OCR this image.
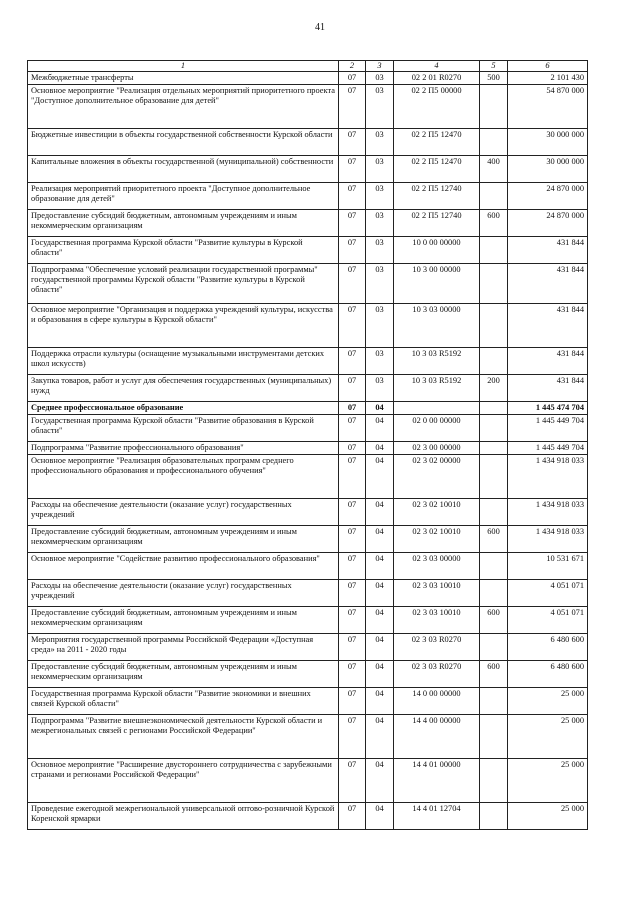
41
1	2	3	4	5	6
Межбюджетные трансферты	07	03	02 2 01 R0270	500	2 101 430
Основное мероприятие "Реализация отдельных мероприятий приоритетного проекта "Доступное дополнительное образование для детей"	07	03	02 2 П5 00000		54 870 000
Бюджетные инвестиции в объекты государственной собственности Курской области	07	03	02 2 П5 12470		30 000 000
Капитальные вложения в объекты государственной (муниципальной) собственности	07	03	02 2 П5 12470	400	30 000 000
Реализация мероприятий приоритетного проекта "Доступное дополнительное образование для детей"	07	03	02 2 П5 12740		24 870 000
Предоставление субсидий бюджетным, автономным учреждениям и иным некоммерческим организациям	07	03	02 2 П5 12740	600	24 870 000
Государственная программа Курской области "Развитие культуры в Курской области"	07	03	10 0 00 00000		431 844
Подпрограмма "Обеспечение условий реализации государственной программы" государственной программы Курской области "Развитие культуры в Курской области"	07	03	10 3 00 00000		431 844
Основное мероприятие "Организация и поддержка учреждений культуры, искусства и образования в сфере культуры в Курской области"	07	03	10 3 03 00000		431 844
Поддержка отрасли культуры (оснащение музыкальными инструментами детских школ искусств)	07	03	10 3 03 R5192		431 844
Закупка товаров, работ и услуг для обеспечения государственных (муниципальных) нужд	07	03	10 3 03 R5192	200	431 844
Среднее профессиональное образование	07	04			1 445 474 704
Государственная программа Курской области "Развитие образования в Курской области"	07	04	02 0 00 00000		1 445 449 704
Подпрограмма "Развитие профессионального образования"	07	04	02 3 00 00000		1 445 449 704
Основное мероприятие "Реализация образовательных программ среднего профессионального образования и профессионального обучения"	07	04	02 3 02 00000		1 434 918 033
Расходы на обеспечение деятельности (оказание услуг) государственных учреждений	07	04	02 3 02 10010		1 434 918 033
Предоставление субсидий бюджетным, автономным учреждениям и иным некоммерческим организациям	07	04	02 3 02 10010	600	1 434 918 033
Основное мероприятие "Содействие развитию профессионального образования"	07	04	02 3 03 00000		10 531 671
Расходы на обеспечение деятельности (оказание услуг) государственных учреждений	07	04	02 3 03 10010		4 051 071
Предоставление субсидий бюджетным, автономным учреждениям и иным некоммерческим организациям	07	04	02 3 03 10010	600	4 051 071
Мероприятия государственной программы Российской Федерации «Доступная среда» на 2011 - 2020 годы	07	04	02 3 03 R0270		6 480 600
Предоставление субсидий бюджетным, автономным учреждениям и иным некоммерческим организациям	07	04	02 3 03 R0270	600	6 480 600
Государственная программа Курской области "Развитие экономики и внешних связей Курской области"	07	04	14 0 00 00000		25 000
Подпрограмма "Развитие внешнеэкономической деятельности Курской области и межрегиональных связей с регионами Российской Федерации"	07	04	14 4 00 00000		25 000
Основное мероприятие "Расширение двустороннего сотрудничества с зарубежными странами и регионами Российской Федерации"	07	04	14 4 01 00000		25 000
Проведение ежегодной межрегиональной универсальной оптово-розничной Курской Коренской ярмарки	07	04	14 4 01 12704		25 000
